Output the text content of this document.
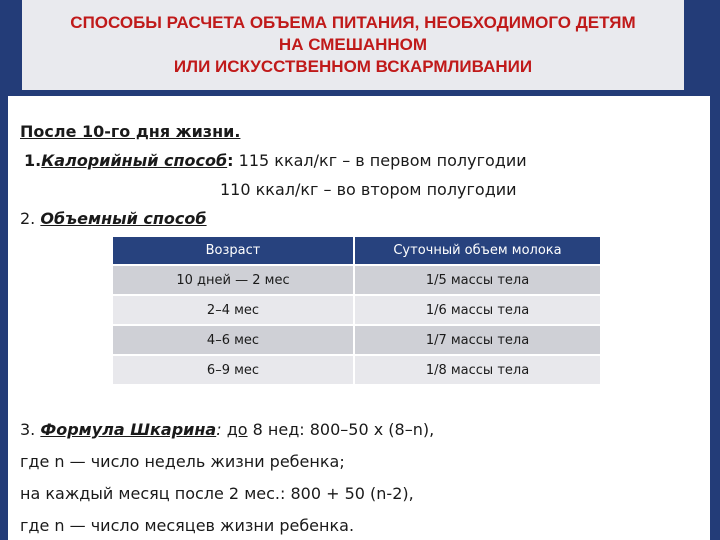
СПОСОБЫ РАСЧЕТА ОБЪЕМА ПИТАНИЯ, НЕОБХОДИМОГО ДЕТЯМ
НА СМЕШАННОМ
ИЛИ ИСКУССТВЕННОМ ВСКАРМЛИВАНИИ
После 10-го дня жизни.
1.Калорийный способ: 115 ккал/кг – в первом полугодии
110 ккал/кг – во втором полугодии
2. Объемный способ
Возраст	Суточный объем молока
10 дней — 2 мес	1/5 массы тела
2–4 мес	1/6 массы тела
4–6 мес	1/7 массы тела
6–9 мес	1/8 массы тела
3. Формула Шкарина: до 8 нед: 800–50 х (8–n),
где n — число недель жизни ребенка;
на каждый месяц после 2 мес.: 800 + 50 (n-2),
где n — число месяцев жизни ребенка.
